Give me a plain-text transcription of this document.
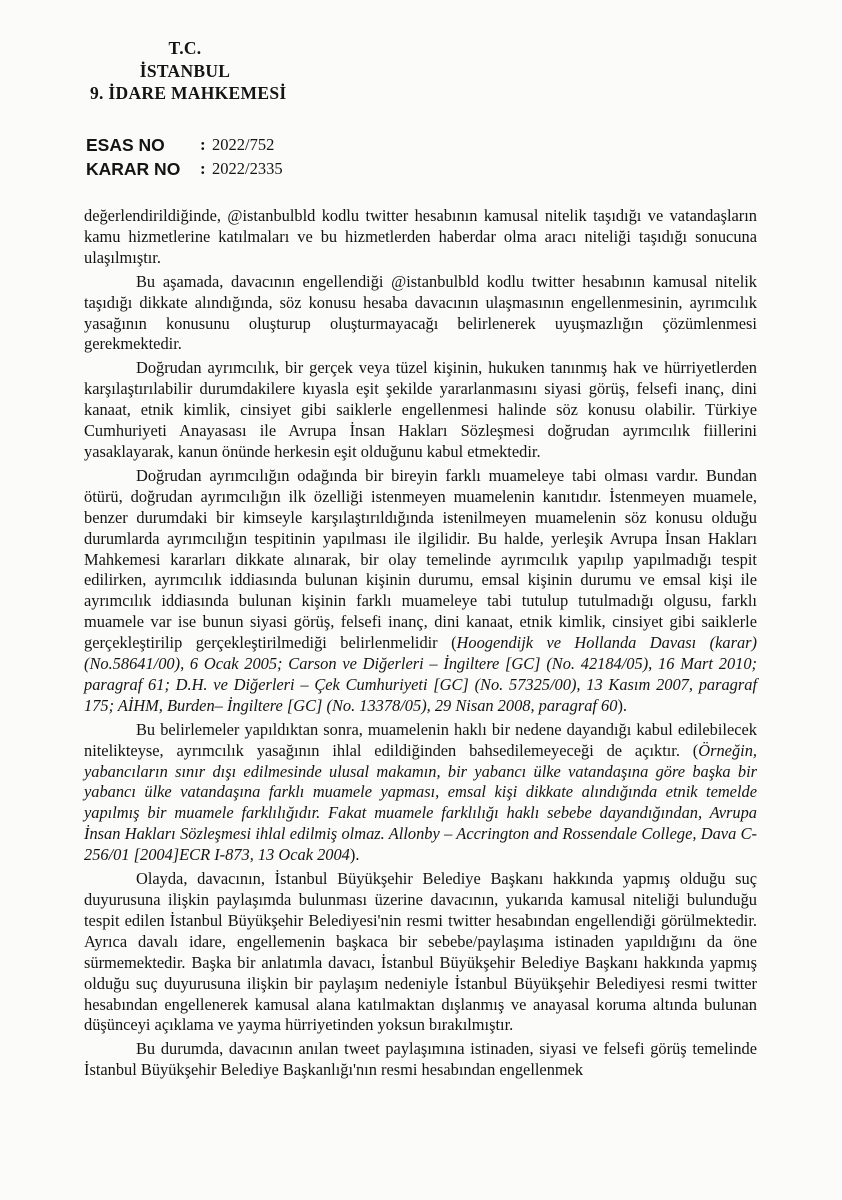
T.C.
İSTANBUL
9. İDARE MAHKEMESİ
ESAS NO : 2022/752
KARAR NO : 2022/2335

değerlendirildiğinde, @istanbulbld kodlu twitter hesabının kamusal nitelik taşıdığı ve vatandaşların kamu hizmetlerine katılmaları ve bu hizmetlerden haberdar olma aracı niteliği taşıdığı sonucuna ulaşılmıştır.

Bu aşamada, davacının engellendiği @istanbulbld kodlu twitter hesabının kamusal nitelik taşıdığı dikkate alındığında, söz konusu hesaba davacının ulaşmasının engellenmesinin, ayrımcılık yasağının konusunu oluşturup oluşturmayacağı belirlenerek uyuşmazlığın çözümlenmesi gerekmektedir.

Doğrudan ayrımcılık, bir gerçek veya tüzel kişinin, hukuken tanınmış hak ve hürriyetlerden karşılaştırılabilir durumdakilere kıyasla eşit şekilde yararlanmasını siyasi görüş, felsefi inanç, dini kanaat, etnik kimlik, cinsiyet gibi saiklerle engellenmesi halinde söz konusu olabilir. Türkiye Cumhuriyeti Anayasası ile Avrupa İnsan Hakları Sözleşmesi doğrudan ayrımcılık fiillerini yasaklayarak, kanun önünde herkesin eşit olduğunu kabul etmektedir.

Doğrudan ayrımcılığın odağında bir bireyin farklı muameleye tabi olması vardır. Bundan ötürü, doğrudan ayrımcılığın ilk özelliği istenmeyen muamelenin kanıtıdır. İstenmeyen muamele, benzer durumdaki bir kimseyle karşılaştırıldığında istenilmeyen muamelenin söz konusu olduğu durumlarda ayrımcılığın tespitinin yapılması ile ilgilidir. Bu halde, yerleşik Avrupa İnsan Hakları Mahkemesi kararları dikkate alınarak, bir olay temelinde ayrımcılık yapılıp yapılmadığı tespit edilirken, ayrımcılık iddiasında bulunan kişinin durumu, emsal kişinin durumu ve emsal kişi ile ayrımcılık iddiasında bulunan kişinin farklı muameleye tabi tutulup tutulmadığı olgusu, farklı muamele var ise bunun siyasi görüş, felsefi inanç, dini kanaat, etnik kimlik, cinsiyet gibi saiklerle gerçekleştirilip gerçekleştirilmediği belirlenmelidir (Hoogendijk ve Hollanda Davası (karar) (No.58641/00), 6 Ocak 2005; Carson ve Diğerleri – İngiltere [GC] (No. 42184/05), 16 Mart 2010; paragraf 61; D.H. ve Diğerleri – Çek Cumhuriyeti [GC] (No. 57325/00), 13 Kasım 2007, paragraf 175; AİHM, Burden– İngiltere [GC] (No. 13378/05), 29 Nisan 2008, paragraf 60).

Bu belirlemeler yapıldıktan sonra, muamelenin haklı bir nedene dayandığı kabul edilebilecek nitelikteyse, ayrımcılık yasağının ihlal edildiğinden bahsedilemeyeceği de açıktır. (Örneğin, yabancıların sınır dışı edilmesinde ulusal makamın, bir yabancı ülke vatandaşına göre başka bir yabancı ülke vatandaşına farklı muamele yapması, emsal kişi dikkate alındığında etnik temelde yapılmış bir muamele farklılığıdır. Fakat muamele farklılığı haklı sebebe dayandığından, Avrupa İnsan Hakları Sözleşmesi ihlal edilmiş olmaz. Allonby – Accrington and Rossendale College, Dava C-256/01 [2004]ECR I-873, 13 Ocak 2004).

Olayda, davacının, İstanbul Büyükşehir Belediye Başkanı hakkında yapmış olduğu suç duyurusuna ilişkin paylaşımda bulunması üzerine davacının, yukarıda kamusal niteliği bulunduğu tespit edilen İstanbul Büyükşehir Belediyesi'nin resmi twitter hesabından engellendiği görülmektedir. Ayrıca davalı idare, engellemenin başkaca bir sebebe/paylaşıma istinaden yapıldığını da öne sürmemektedir. Başka bir anlatımla davacı, İstanbul Büyükşehir Belediye Başkanı hakkında yapmış olduğu suç duyurusuna ilişkin bir paylaşım nedeniyle İstanbul Büyükşehir Belediyesi resmi twitter hesabından engellenerek kamusal alana katılmaktan dışlanmış ve anayasal koruma altında bulunan düşünceyi açıklama ve yayma hürriyetinden yoksun bırakılmıştır.

Bu durumda, davacının anılan tweet paylaşımına istinaden, siyasi ve felsefi görüş temelinde İstanbul Büyükşehir Belediye Başkanlığı'nın resmi hesabından engellenmek
